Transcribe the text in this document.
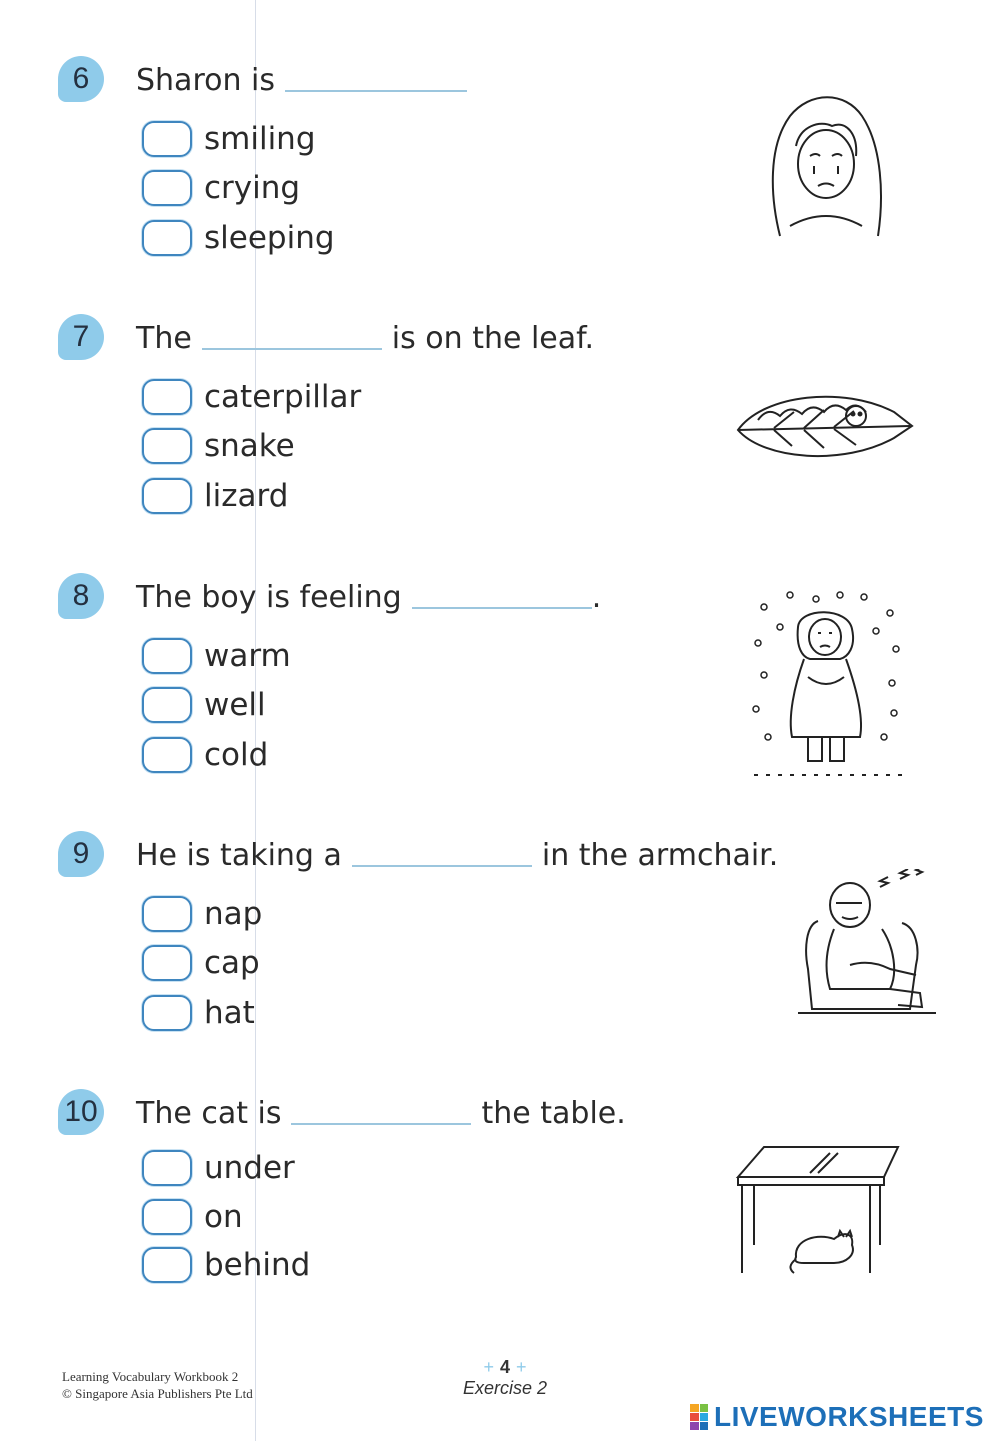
6	Sharon is
smiling
crying
sleeping
7	The	is on the leaf.
caterpillar
snake
lizard
8	The boy is feeling	.
warm
well
cold
9	He is taking a	in the armchair.
nap
cap
hat
10 The cat is	the table.
under
on
behind
Learning Vocabulary Workbook 2
© Singapore Asia Publishers Pte Ltd
+ 4 +
Exercise 2
LIVEWORKSHEETS
